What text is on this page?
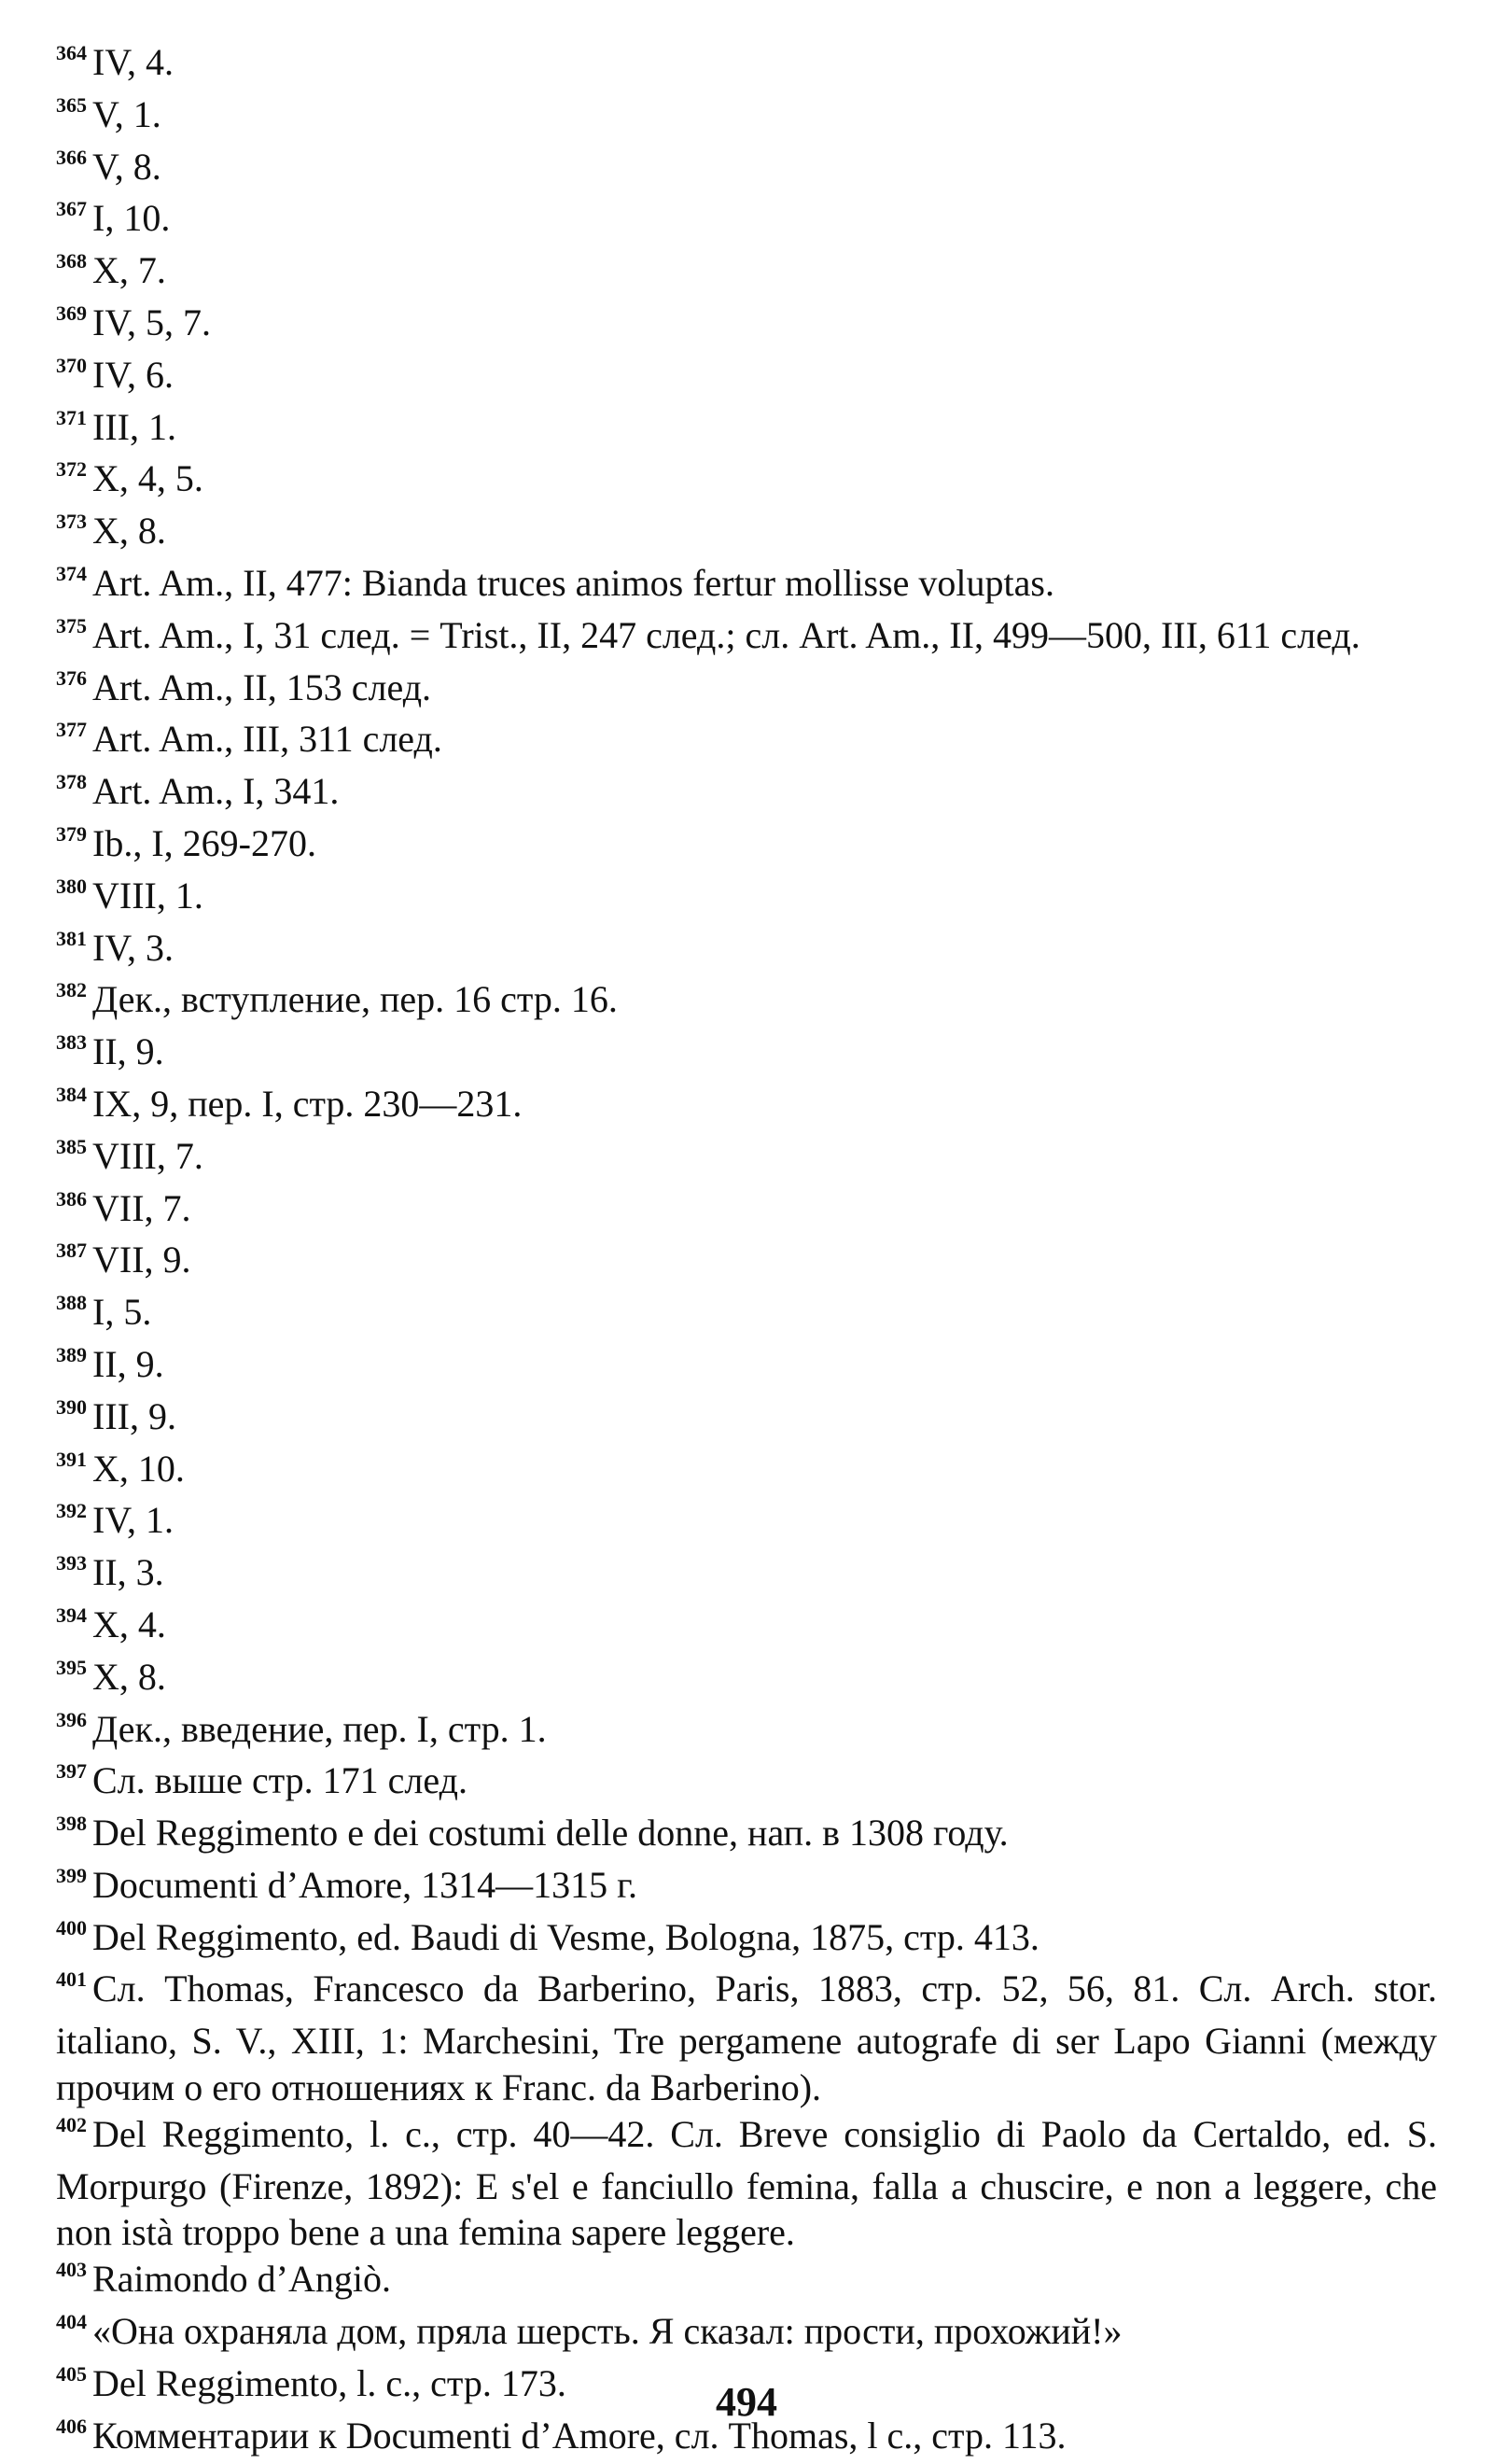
$^{364}$ IV, 4.

$^{365}$ V, 1.

$^{366}$ V, 8.

$^{367}$ I, 10.

$^{368}$ X, 7.

$^{369}$ IV, 5, 7.

$^{370}$ IV, 6.

$^{371}$ III, 1.

$^{372}$ X, 4, 5.

$^{373}$ X, 8.

$^{374}$ Art. Am., II, 477: Bianda truces animos fertur mollisse voluptas.

$^{375}$ Art. Am., I, 31 след. = Trist., II, 247 след.; сл. Art. Am., II, 499—500, III, 611 след.

$^{376}$ Art. Am., II, 153 след.

$^{377}$ Art. Am., III, 311 след.

$^{378}$ Art. Am., I, 341.

$^{379}$ Ib., I, 269-270.

$^{380}$ VIII, 1.

$^{381}$ IV, 3.

$^{382}$ Дек., вступление, пер. 16 стр. 16.

$^{383}$ II, 9.

$^{384}$ IX, 9, пер. I, стр. 230—231.

$^{385}$ VIII, 7.

$^{386}$ VII, 7.

$^{387}$ VII, 9.

$^{388}$ I, 5.

$^{389}$ II, 9.

$^{390}$ III, 9.

$^{391}$ X, 10.

$^{392}$ IV, 1.

$^{393}$ II, 3.

$^{394}$ X, 4.

$^{395}$ X, 8.

$^{396}$ Дек., введение, пер. I, стр. 1.

$^{397}$ Сл. выше стр. 171 след.

$^{398}$ Del Reggimento e dei costumi delle donne, нап. в 1308 году.

$^{399}$ Documenti d’Amore, 1314—1315 г.

$^{400}$ Del Reggimento, ed. Baudi di Vesme, Bologna, 1875, стр. 413.

$^{401}$ Сл. Thomas, Francesco da Barberino, Paris, 1883, стр. 52, 56, 81. Сл. Arch. stor. italiano, S. V., XIII, 1: Marchesini, Tre pergamene autografe di ser Lapo Gianni (между прочим о его отношениях к Franc. da Barberino).

$^{402}$ Del Reggimento, l. c., стр. 40—42. Сл. Breve consiglio di Paolo da Certaldo, ed. S. Morpurgo (Firenze, 1892): E s'el e fanciullo femina, falla a chuscire, e non a leggere, che non istà troppo bene a una femina sapere leggere.

$^{403}$ Raimondo d’Angiò.

$^{404}$ «Она охраняла дом, пряла шерсть. Я сказал: прости, прохожий!»

$^{405}$ Del Reggimento, l. c., стр. 173.

$^{406}$ Комментарии к Documenti d’Amore, сл. Thomas, l c., стр. 113.

494
